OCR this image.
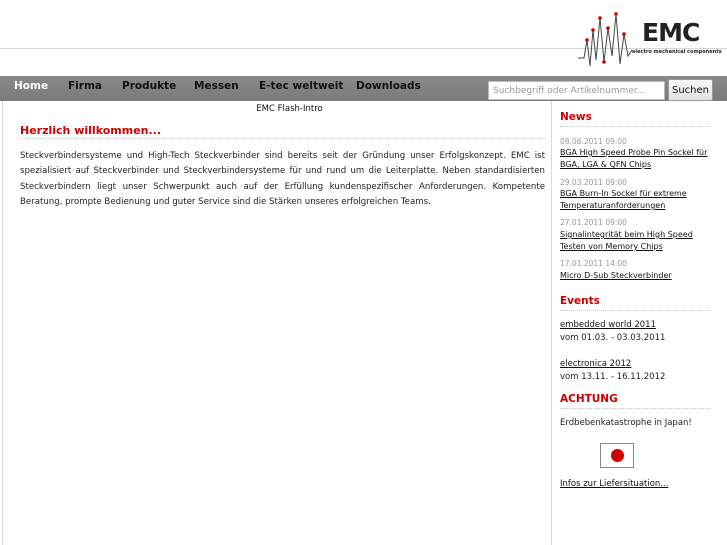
EMC
electro mechanical components
Home Firma Produkte Messen E-tec weltweit Downloads
Suchbegriff oder Artikelnummer...	Suchen
EMC Flash-Intro
Herzlich willkommen...
Steckverbindersysteme und High-Tech Steckverbinder sind bereits seit der Gründung unser Erfolgskonzept. EMC ist spezialisiert auf Steckverbinder und Steckverbindersysteme für und rund um die Leiterplatte. Neben standardisierten Steckverbindern liegt unser Schwerpunkt auch auf der Erfüllung kundenspezifischer Anforderungen. Kompetente Beratung, prompte Bedienung und guter Service sind die Stärken unseres erfolgreichen Teams.
News
08.06.2011 09:00
BGA High Speed Probe Pin Sockel für BGA, LGA & QFN Chips
29.03.2011 09:00
BGA Burn-In Sockel für extreme Temperaturanforderungen
27.01.2011 09:00
Signalintegrität beim High Speed Testen von Memory Chips
17.01.2011 14:00
Micro D-Sub Steckverbinder
Events
embedded world 2011
vom 01.03. - 03.03.2011
electronica 2012
vom 13.11. - 16.11.2012
ACHTUNG
Erdbebenkatastrophe in Japan!
Infos zur Liefersituation...
